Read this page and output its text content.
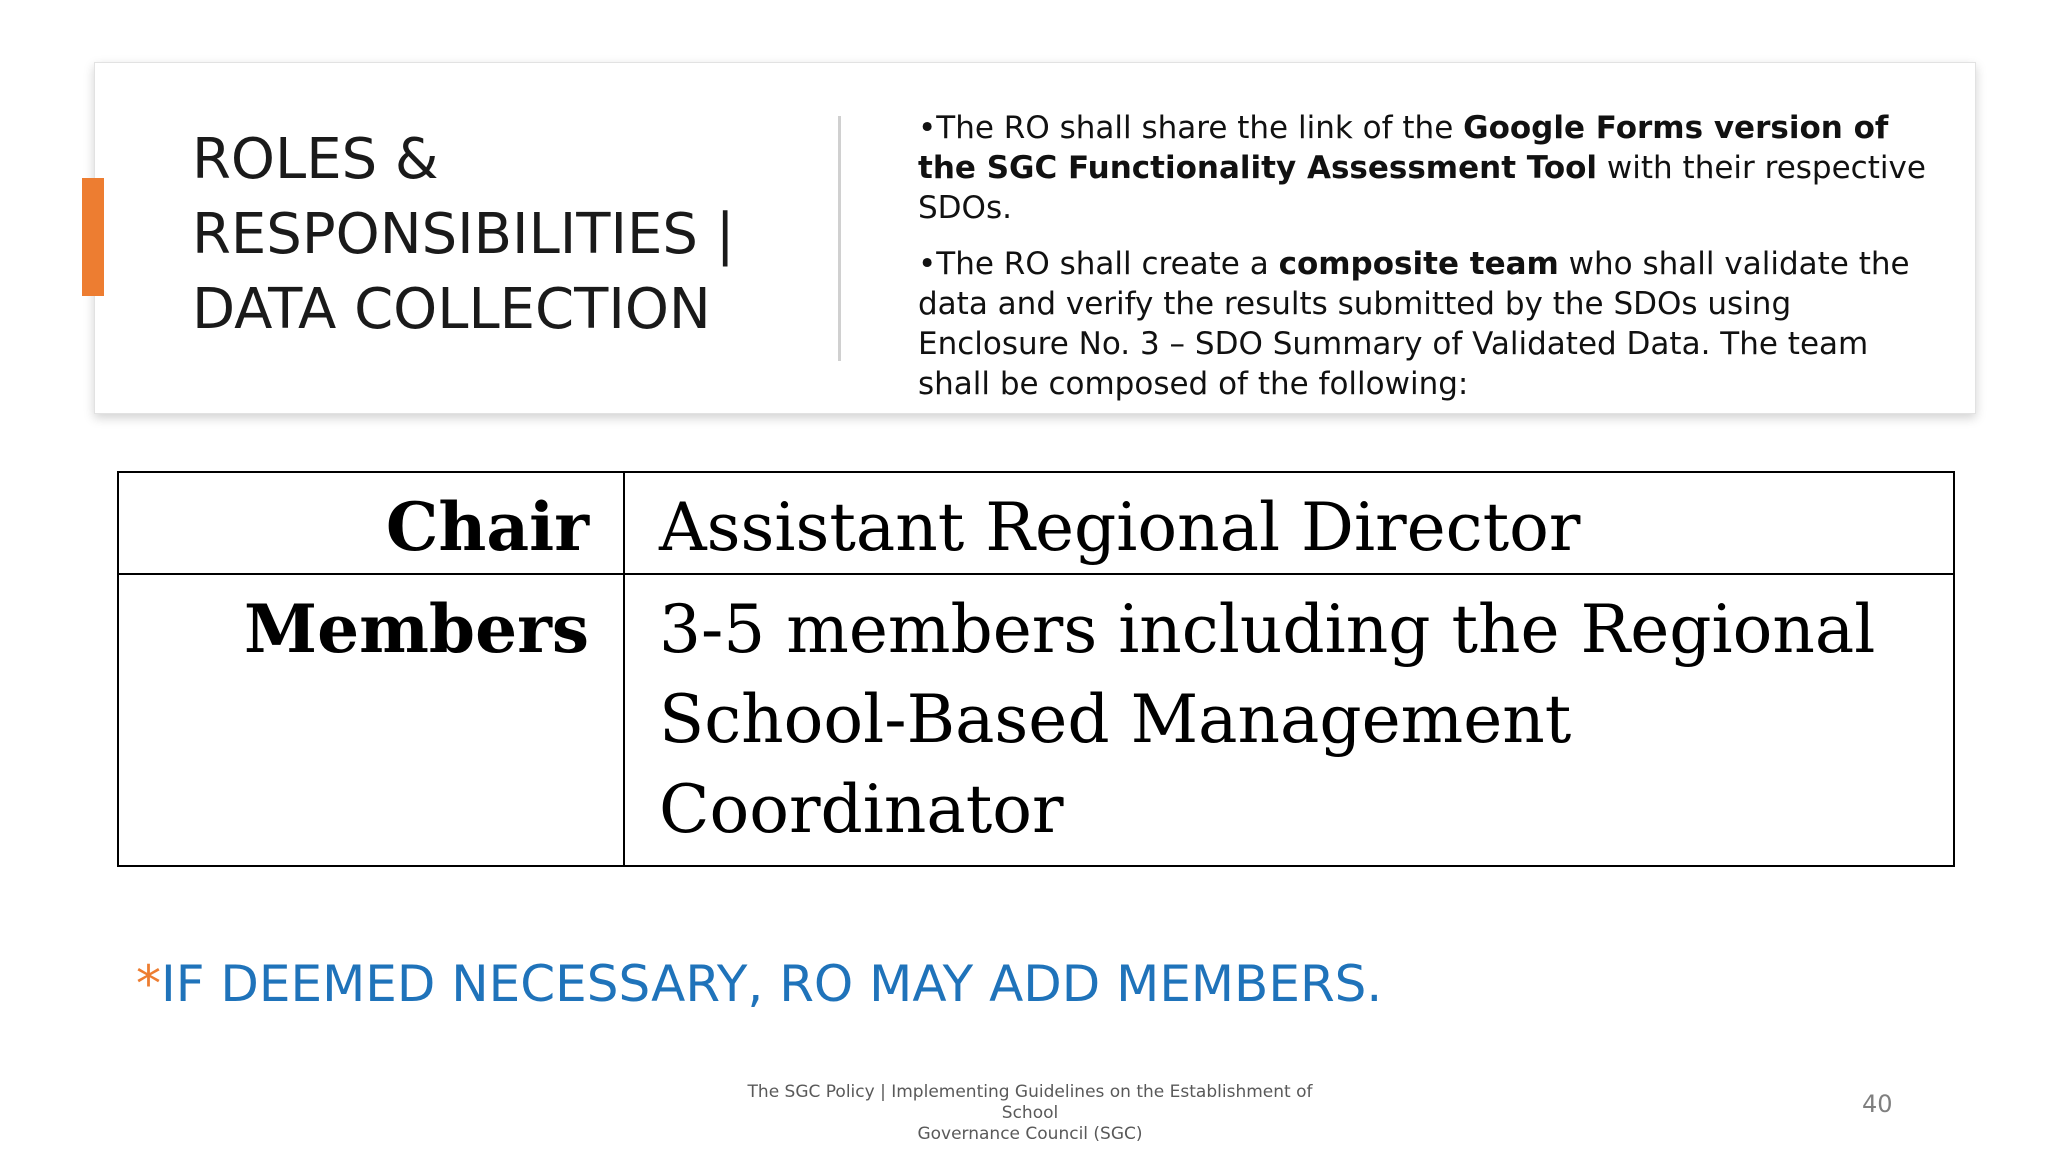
ROLES &
RESPONSIBILITIES |
DATA COLLECTION

•The RO shall share the link of the Google Forms version of the SGC Functionality Assessment Tool with their respective SDOs.

•The RO shall create a composite team who shall validate the data and verify the results submitted by the SDOs using Enclosure No. 3 – SDO Summary of Validated Data. The team shall be composed of the following:

Chair	Assistant Regional Director
Members	3-5 members including the Regional School-Based Management Coordinator
*IF DEEMED NECESSARY, RO MAY ADD MEMBERS.
The SGC Policy | Implementing Guidelines on the Establishment of School
Governance Council (SGC)
40
